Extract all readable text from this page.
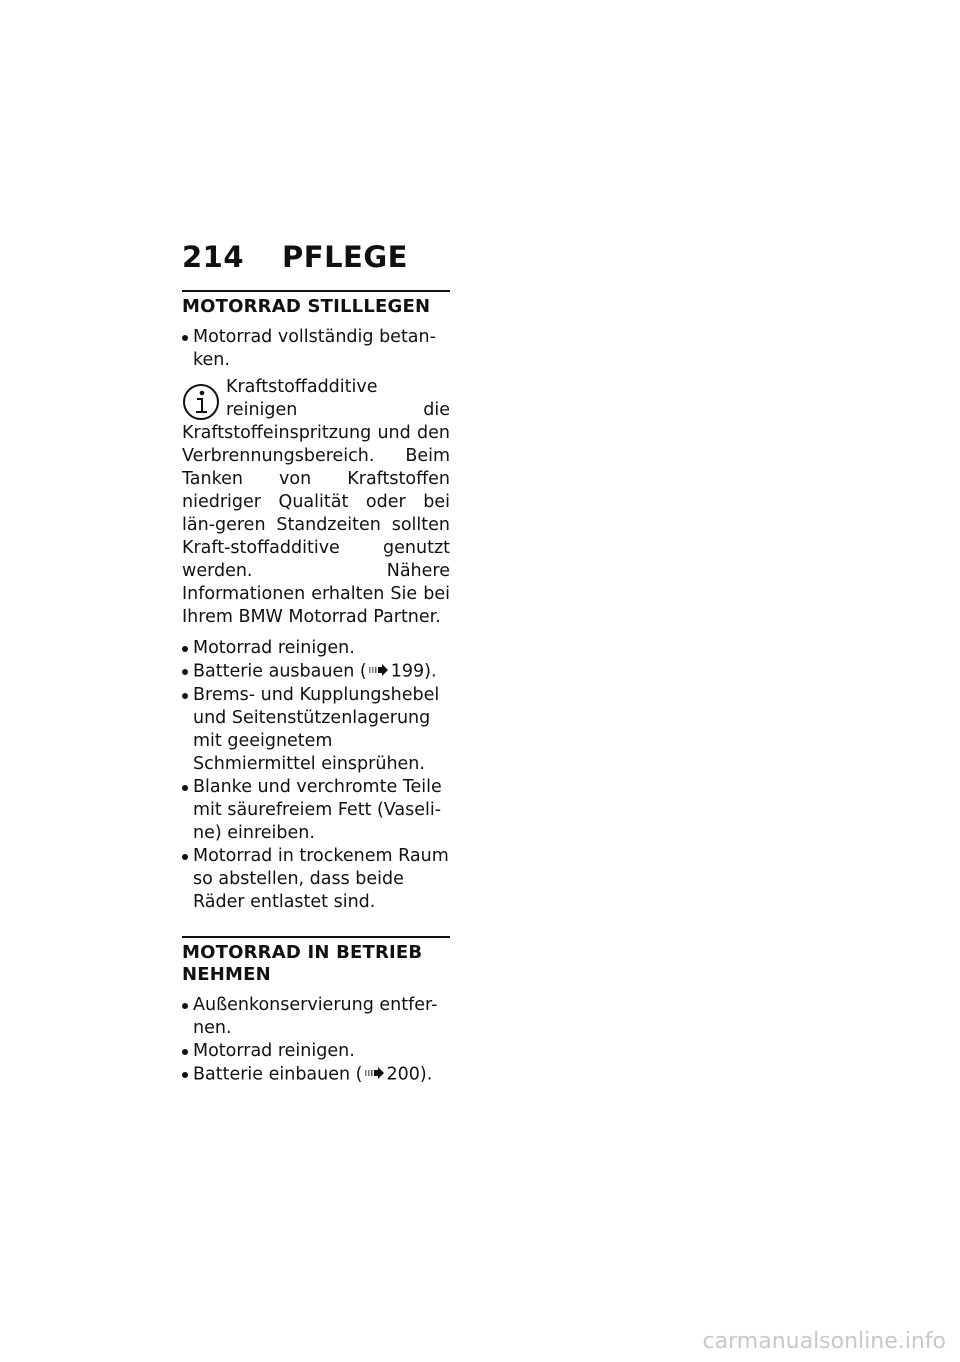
214	PFLEGE
MOTORRAD STILLLEGEN
Motorrad vollständig betan-ken.
Kraftstoffadditive reinigen die Kraftstoffeinspritzung und den Verbrennungsbereich. Beim Tanken von Kraftstoffen niedriger Qualität oder bei län-geren Standzeiten sollten Kraft-stoffadditive genutzt werden. Nähere Informationen erhalten Sie bei Ihrem BMW Motorrad Partner.
Motorrad reinigen.
Batterie ausbauen ( 199).
Brems- und Kupplungshebel und Seitenstützenlagerung mit geeignetem Schmiermittel einsprühen.
Blanke und verchromte Teile mit säurefreiem Fett (Vaseli-ne) einreiben.
Motorrad in trockenem Raum so abstellen, dass beide Räder entlastet sind.
MOTORRAD IN BETRIEB NEHMEN
Außenkonservierung entfer-nen.
Motorrad reinigen.
Batterie einbauen ( 200).
carmanualsonline.info
